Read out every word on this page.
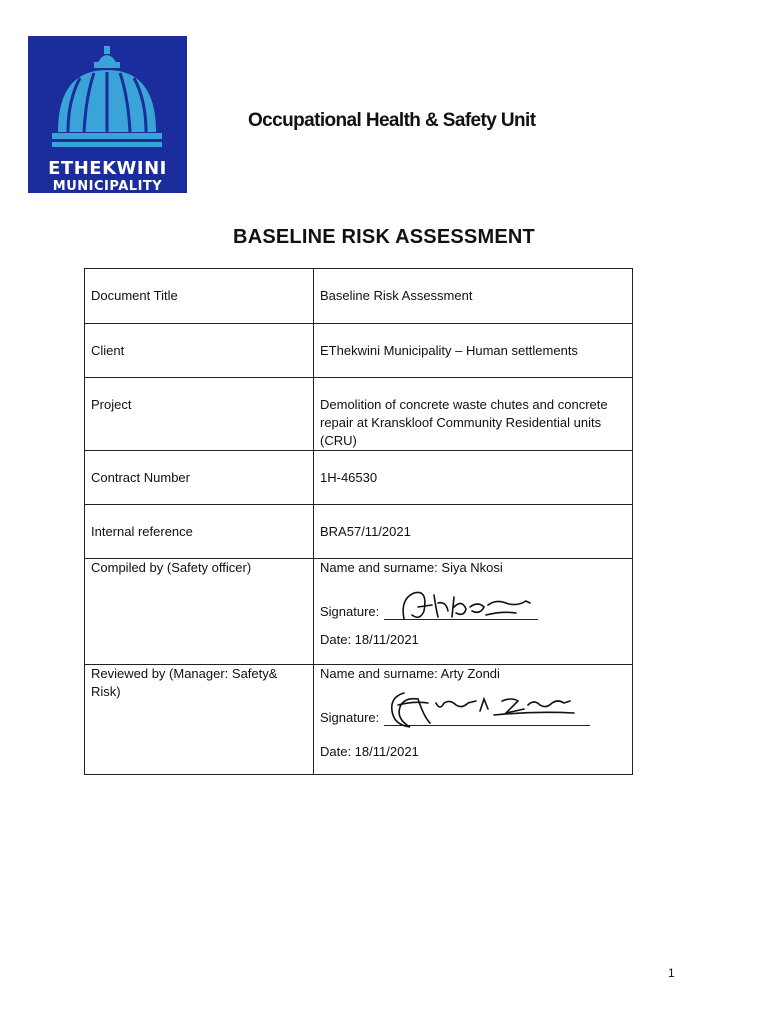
ETHEKWINI
MUNICIPALITY
Occupational Health & Safety Unit
BASELINE RISK ASSESSMENT
Document Title	Baseline Risk Assessment
Client	EThekwini Municipality – Human settlements
Project	Demolition of concrete waste chutes and concrete repair at Kranskloof Community Residential units (CRU)
Contract Number	1H-46530
Internal reference	BRA57/11/2021
Compiled by (Safety officer)	Name and surname: Siya Nkosi
Signature:
Date: 18/11/2021

Reviewed by (Manager: Safety& Risk)	Name and surname: Arty Zondi
Signature:
Date: 18/11/2021
1
